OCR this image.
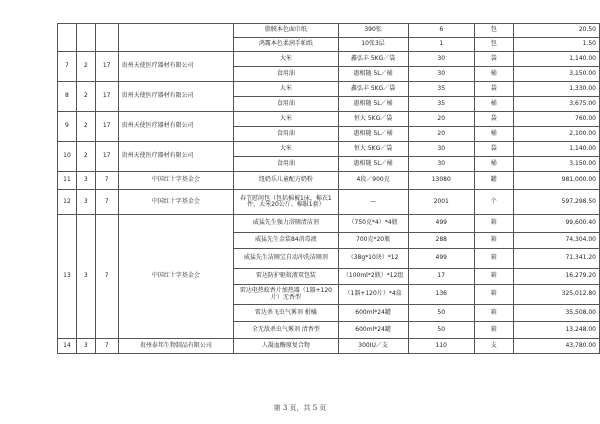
				脂膜本色面巾纸	390张	6	包	20.50
				鸿露本色柔润手帕纸	10张3层	1	包	1.50
7	2	17	贵州天使医疗器材有限公司	大米	鑫弘丰 5KG／袋	30	袋	1,140.00
				食用油	惠相随 5L／桶	30	桶	3,150.00
8	2	17	贵州天使医疗器材有限公司	大米	鑫弘丰 5KG／袋	35	袋	1,330.00
				食用油	惠相随 5L／桶	35	桶	3,675.00
9	2	17	贵州天使医疗器材有限公司	大米	恒大 5KG／袋	20	袋	760.00
				食用油	惠相随 5L／桶	20	桶	2,100.00
10	2	17	贵州天使医疗器材有限公司	大米	恒大 5KG／袋	30	袋	1,140.00
				食用油	惠相随 5L／桶	30	桶	3,150.00
11	3	7	中国红十字基金会	纽奶乐儿童配方奶粉	4段／900克	13080	罐	981,000.00
12	3	7	中国红十字基金会	春节慰问包（包括棉被1床、棉衣1件、大米20公斤、棉服1套）	—	2001	个	597,298.50
13	3	7	中国红十字基金会	威猛先生强力浴厕清洁剂	（750克*4）*4瓶	499	箱	99,600.40
				威猛先生金装84消毒液	700克*20瓶	288	箱	74,304.00
				威猛先生洁厕宝自动冲洗洁厕剂	（38g*10块）*12	499	箱	71,341.20
				雷达防护驱蚊液双包装	（100ml*2瓶）*12组	17	箱	16,279.20
				雷达电热蚊香片加热器（1器+120片）无香型	（1器+120片）*4盒	136	箱	325,012.80
				雷达杀飞虫气雾剂 柑橘	600ml*24罐	50	箱	35,508.00
				全无敌杀虫气雾剂 清香型	600ml*24罐	50	箱	13,248.00
14	3	7	贵州泰邦生物制品有限公司	人凝血酶原复合物	300IU／支	110	支	43,780.00
第 3 页，共 5 页
